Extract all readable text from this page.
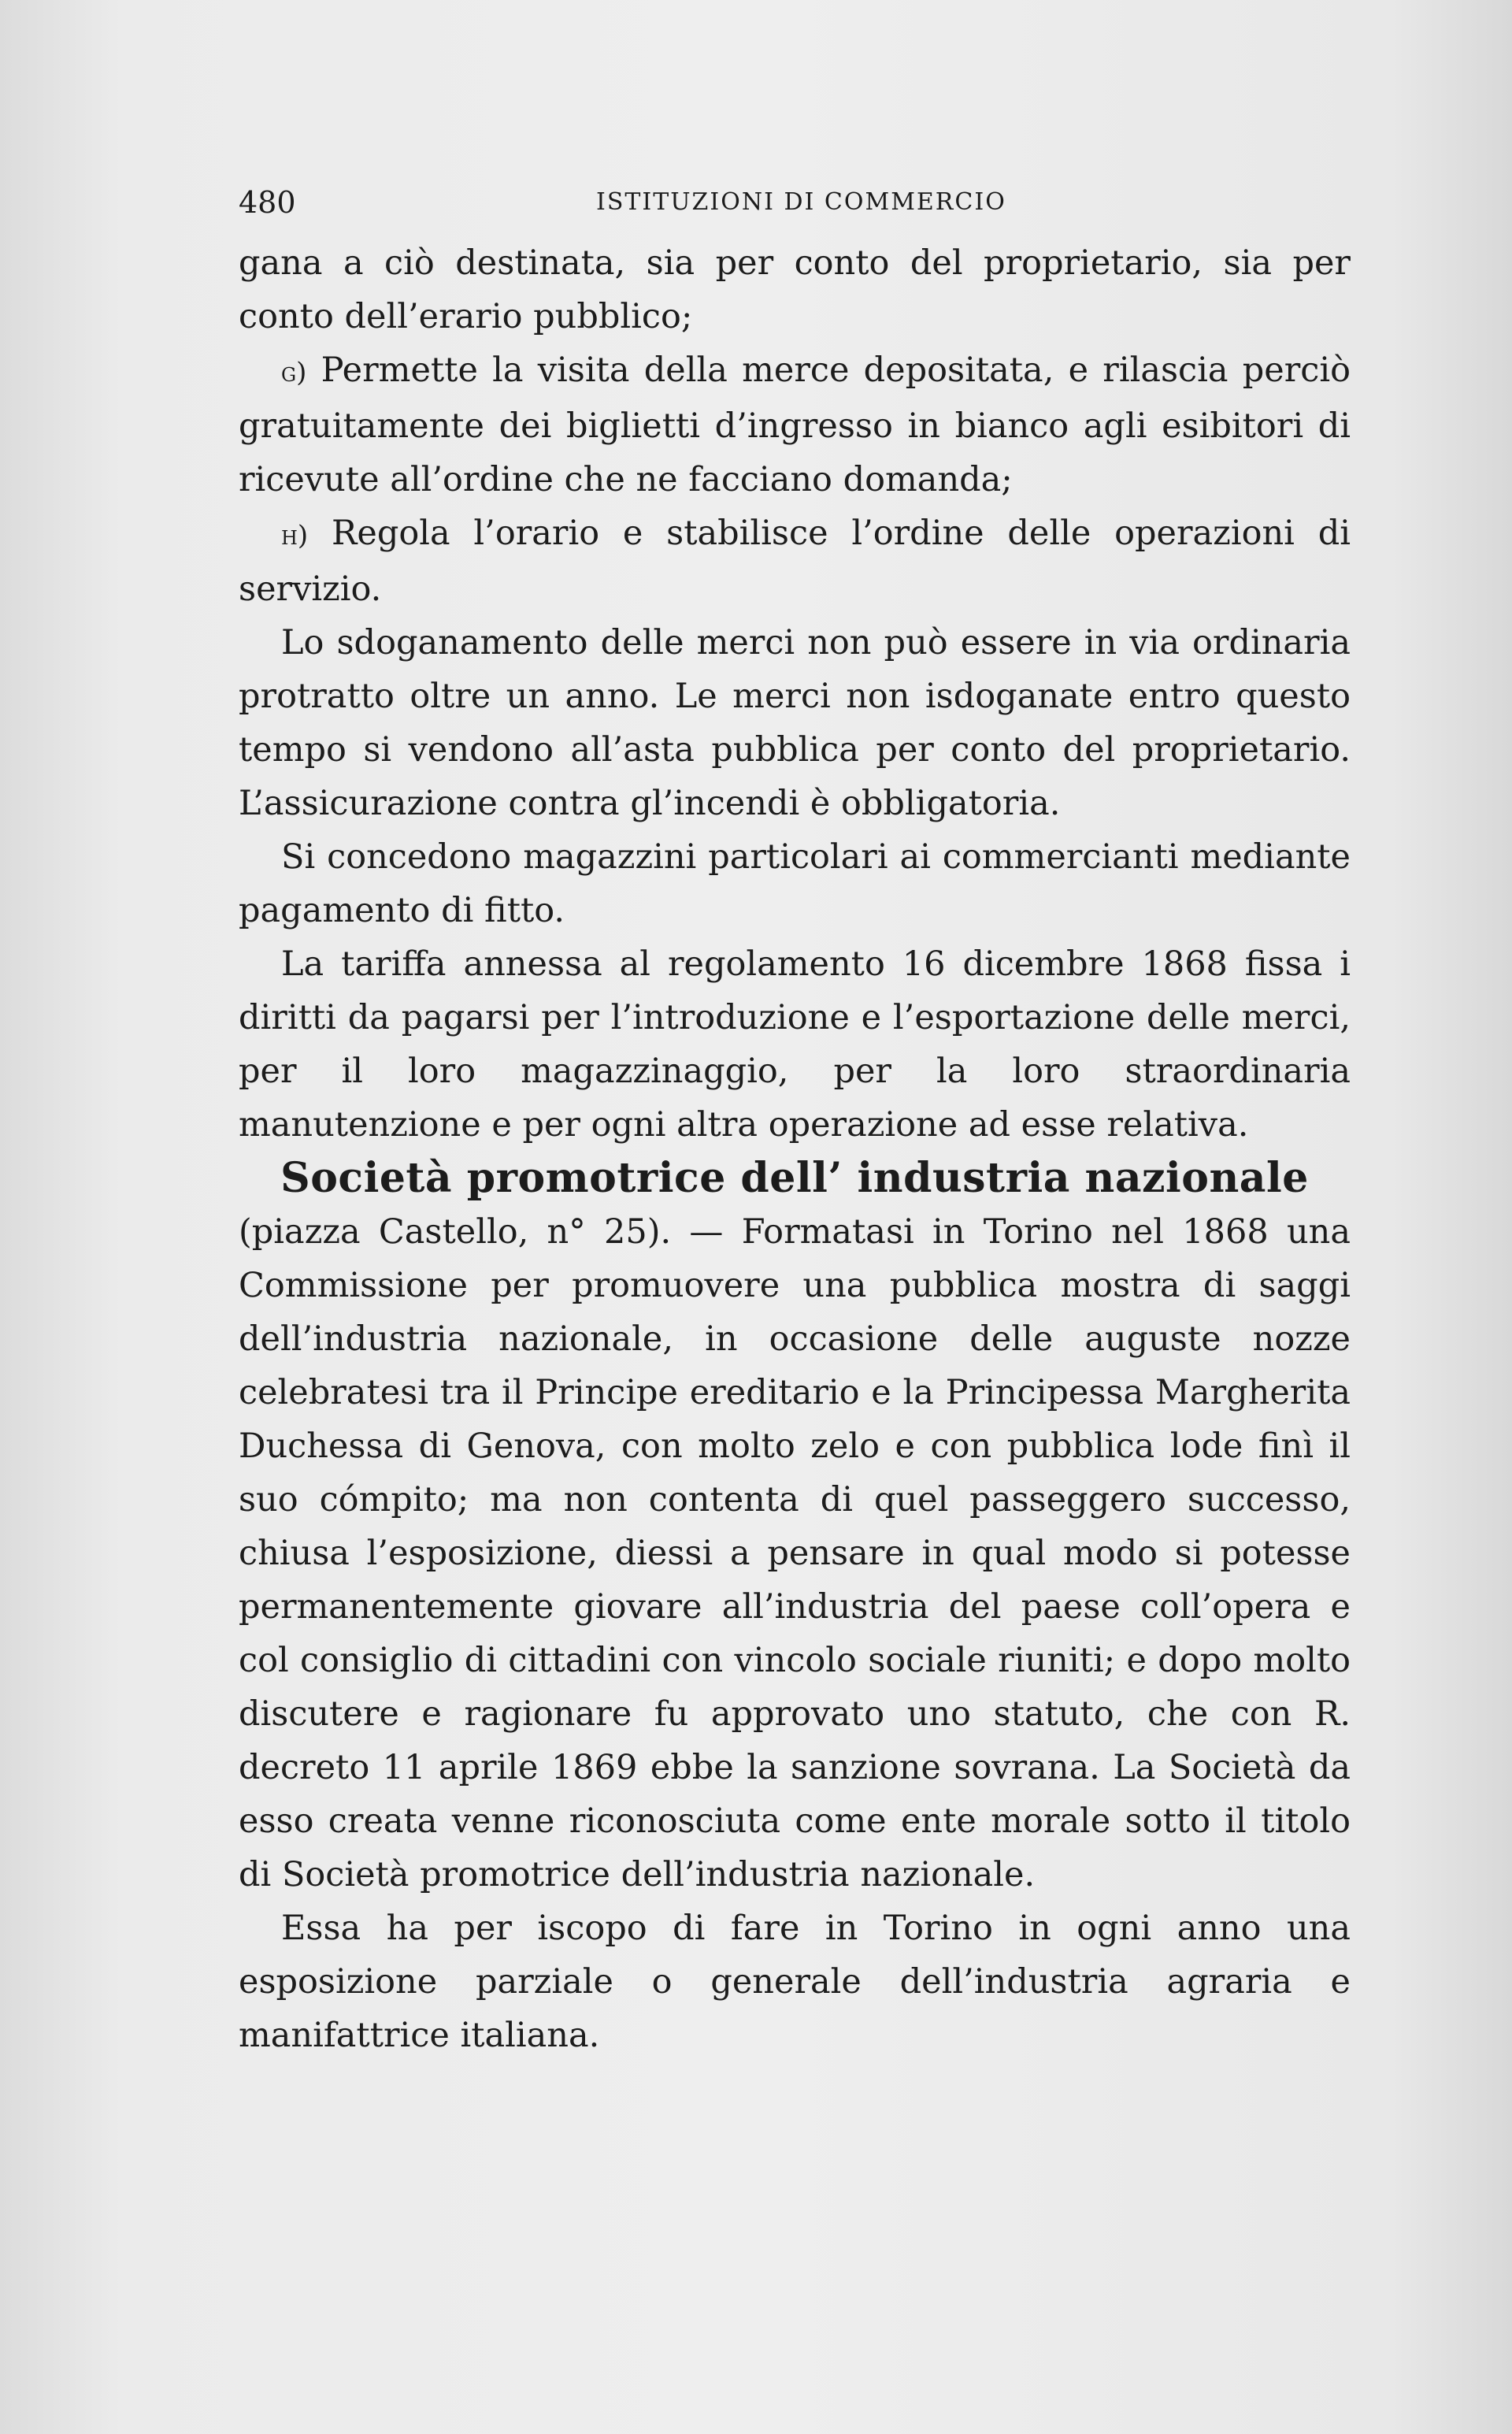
480	ISTITUZIONI DI COMMERCIO

gana a ciò destinata, sia per conto del proprietario, sia per conto dell’erario pubblico;

g) Permette la visita della merce depositata, e rilascia perciò gratuitamente dei biglietti d’ingresso in bianco agli esibitori di ricevute all’ordine che ne facciano domanda;

h) Regola l’orario e stabilisce l’ordine delle operazioni di servizio.

Lo sdoganamento delle merci non può essere in via ordinaria protratto oltre un anno. Le merci non isdoganate entro questo tempo si vendono all’asta pubblica per conto del proprietario. L’assicurazione contra gl’incendi è obbligatoria.

Si concedono magazzini particolari ai commercianti mediante pagamento di fitto.

La tariffa annessa al regolamento 16 dicembre 1868 fissa i diritti da pagarsi per l’introduzione e l’esportazione delle merci, per il loro magazzinaggio, per la loro straordinaria manutenzione e per ogni altra operazione ad esse relativa.

Società promotrice dell’ industria nazionale

(piazza Castello, n° 25). — Formatasi in Torino nel 1868 una Commissione per promuovere una pubblica mostra di saggi dell’industria nazionale, in occasione delle auguste nozze celebratesi tra il Principe ereditario e la Principessa Margherita Duchessa di Genova, con molto zelo e con pubblica lode finì il suo cómpito; ma non contenta di quel passeggero successo, chiusa l’esposizione, diessi a pensare in qual modo si potesse permanentemente giovare all’industria del paese coll’opera e col consiglio di cittadini con vincolo sociale riuniti; e dopo molto discutere e ragionare fu approvato uno statuto, che con R. decreto 11 aprile 1869 ebbe la sanzione sovrana. La Società da esso creata venne riconosciuta come ente morale sotto il titolo di Società promotrice dell’industria nazionale.

Essa ha per iscopo di fare in Torino in ogni anno una esposizione parziale o generale dell’industria agraria e manifattrice italiana.
